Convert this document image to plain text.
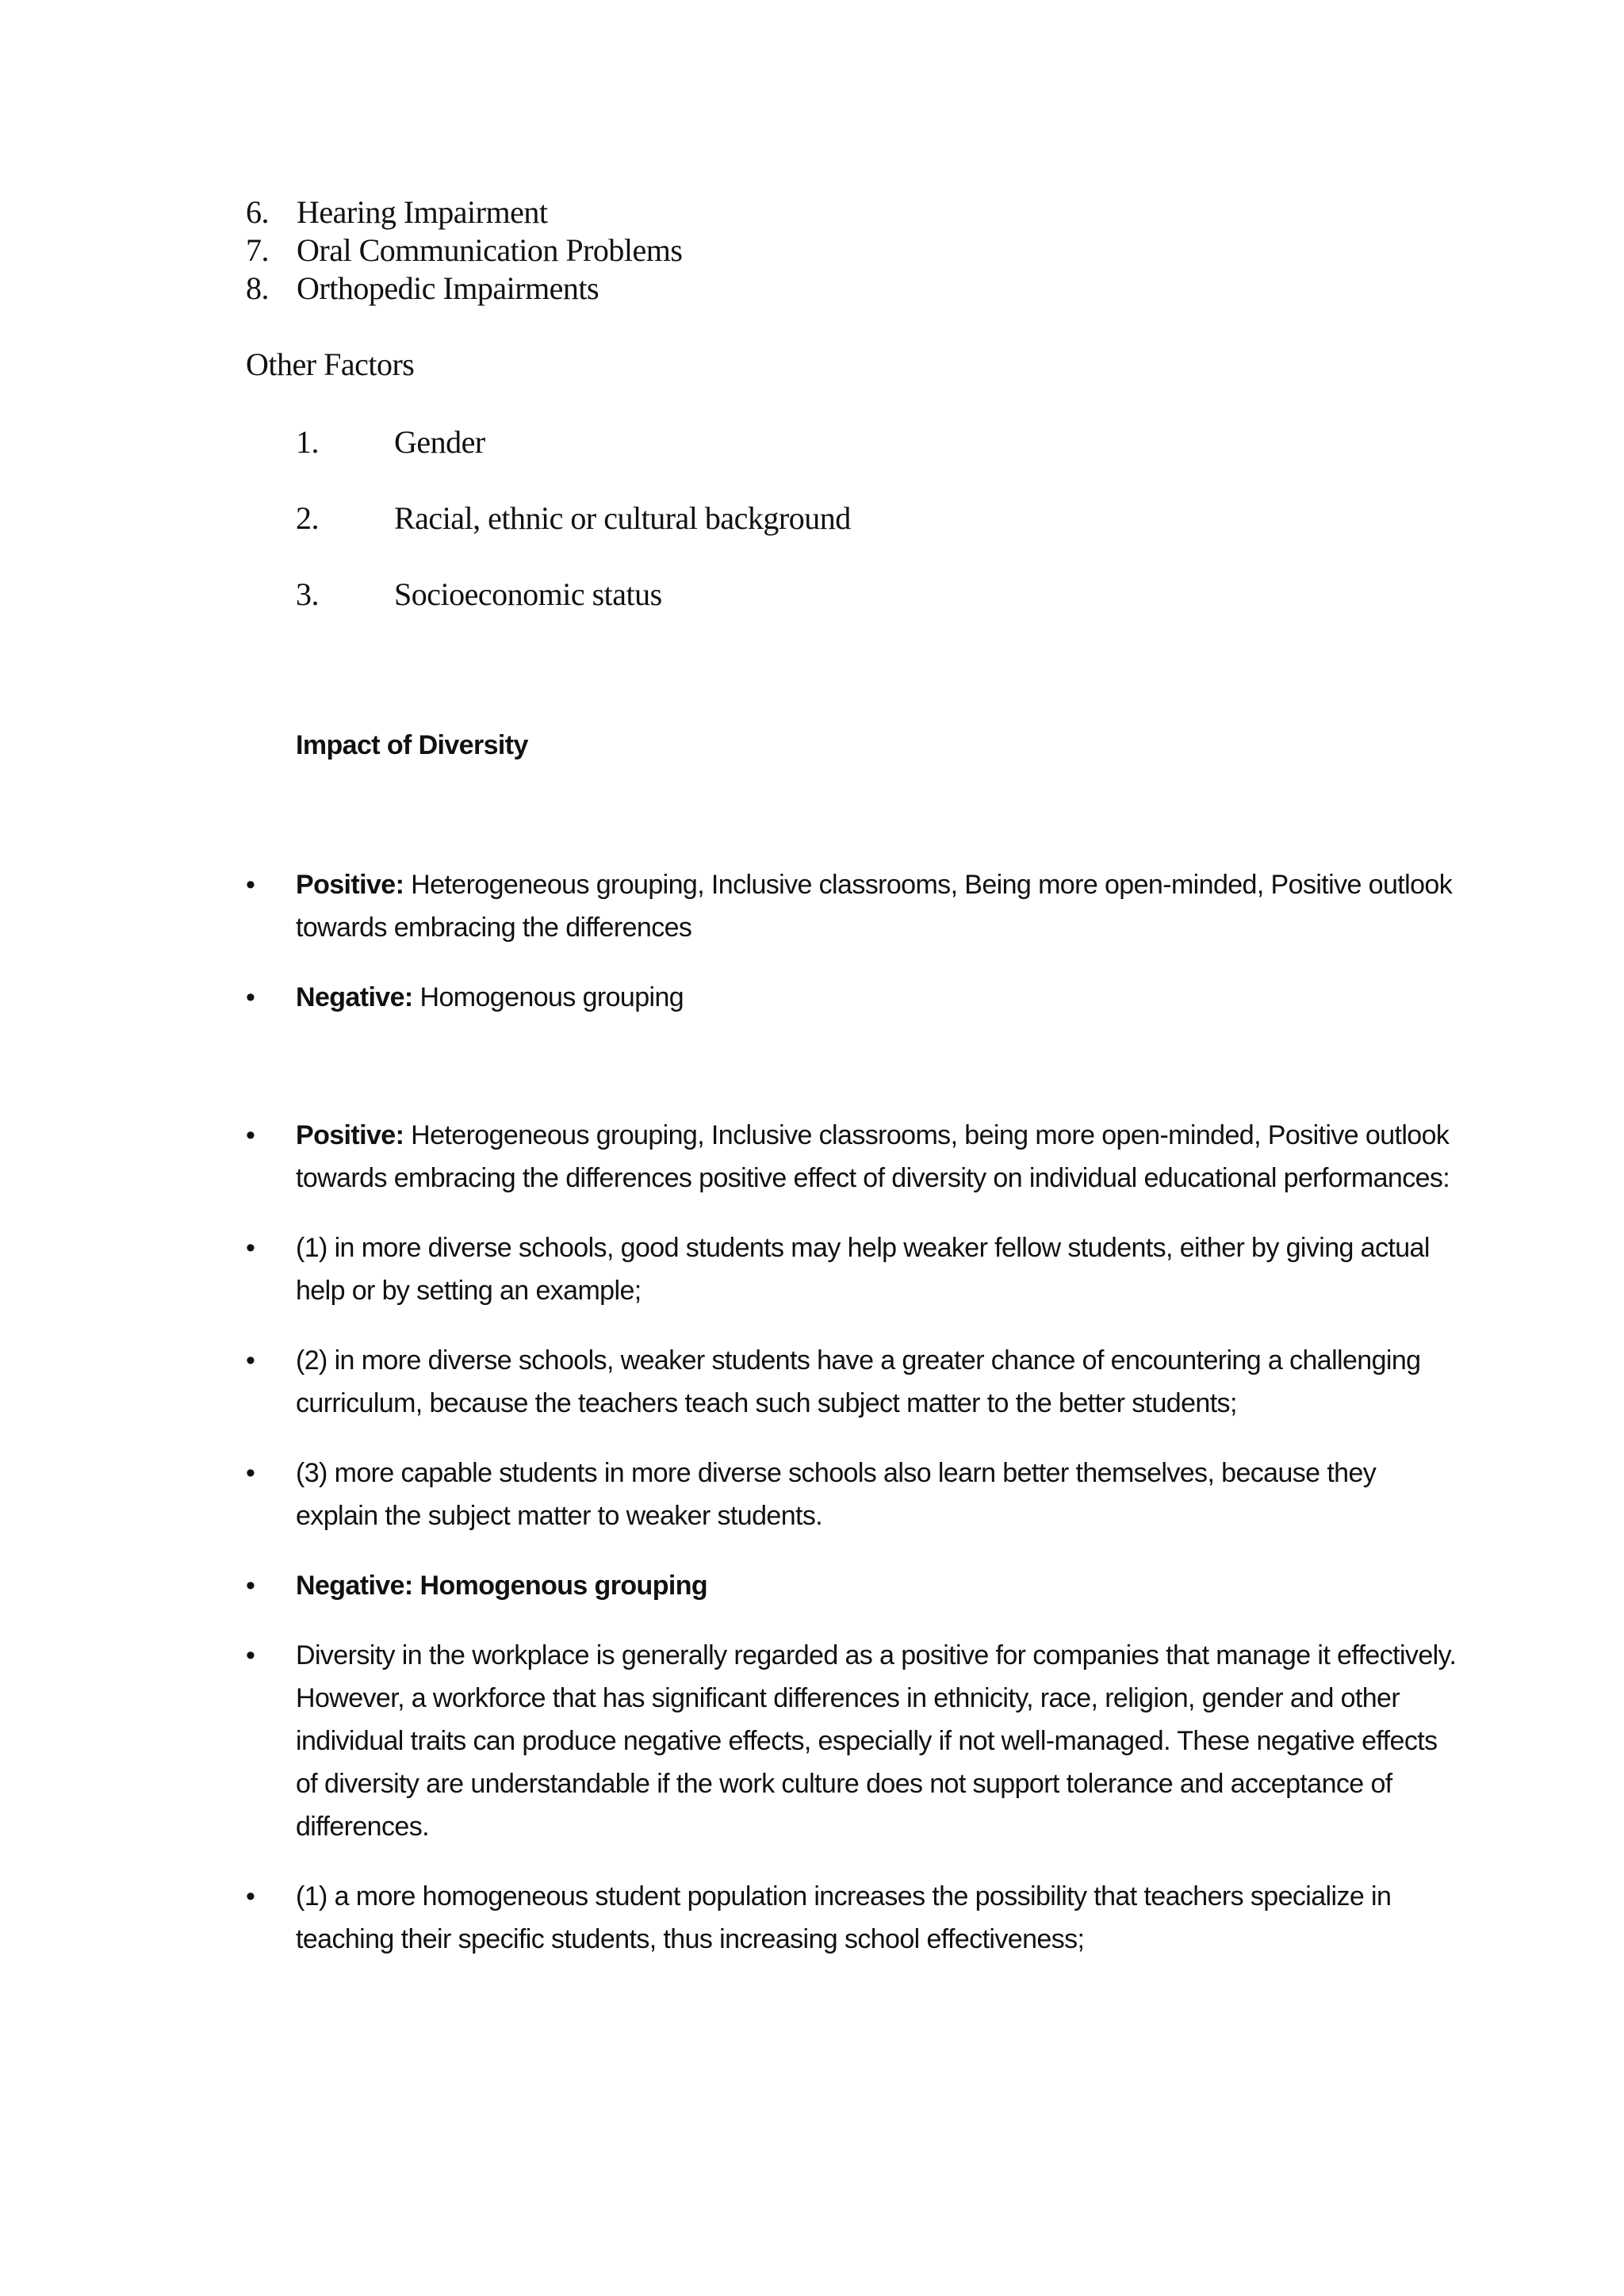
6. Hearing Impairment
7. Oral Communication Problems
8. Orthopedic Impairments

Other Factors

1. Gender
2. Racial, ethnic or cultural background
3. Socioeconomic status

Impact of Diversity

• Positive: Heterogeneous grouping, Inclusive classrooms, Being more open-minded, Positive outlook towards embracing the differences
• Negative: Homogenous grouping
• Positive: Heterogeneous grouping, Inclusive classrooms, being more open-minded, Positive outlook towards embracing the differences positive effect of diversity on individual educational performances:
• (1) in more diverse schools, good students may help weaker fellow students, either by giving actual help or by setting an example;
• (2) in more diverse schools, weaker students have a greater chance of encountering a challenging curriculum, because the teachers teach such subject matter to the better students;
• (3) more capable students in more diverse schools also learn better themselves, because they explain the subject matter to weaker students.
• Negative: Homogenous grouping
• Diversity in the workplace is generally regarded as a positive for companies that manage it effectively. However, a workforce that has significant differences in ethnicity, race, religion, gender and other individual traits can produce negative effects, especially if not well-managed. These negative effects of diversity are understandable if the work culture does not support tolerance and acceptance of differences.
• (1) a more homogeneous student population increases the possibility that teachers specialize in teaching their specific students, thus increasing school effectiveness;
